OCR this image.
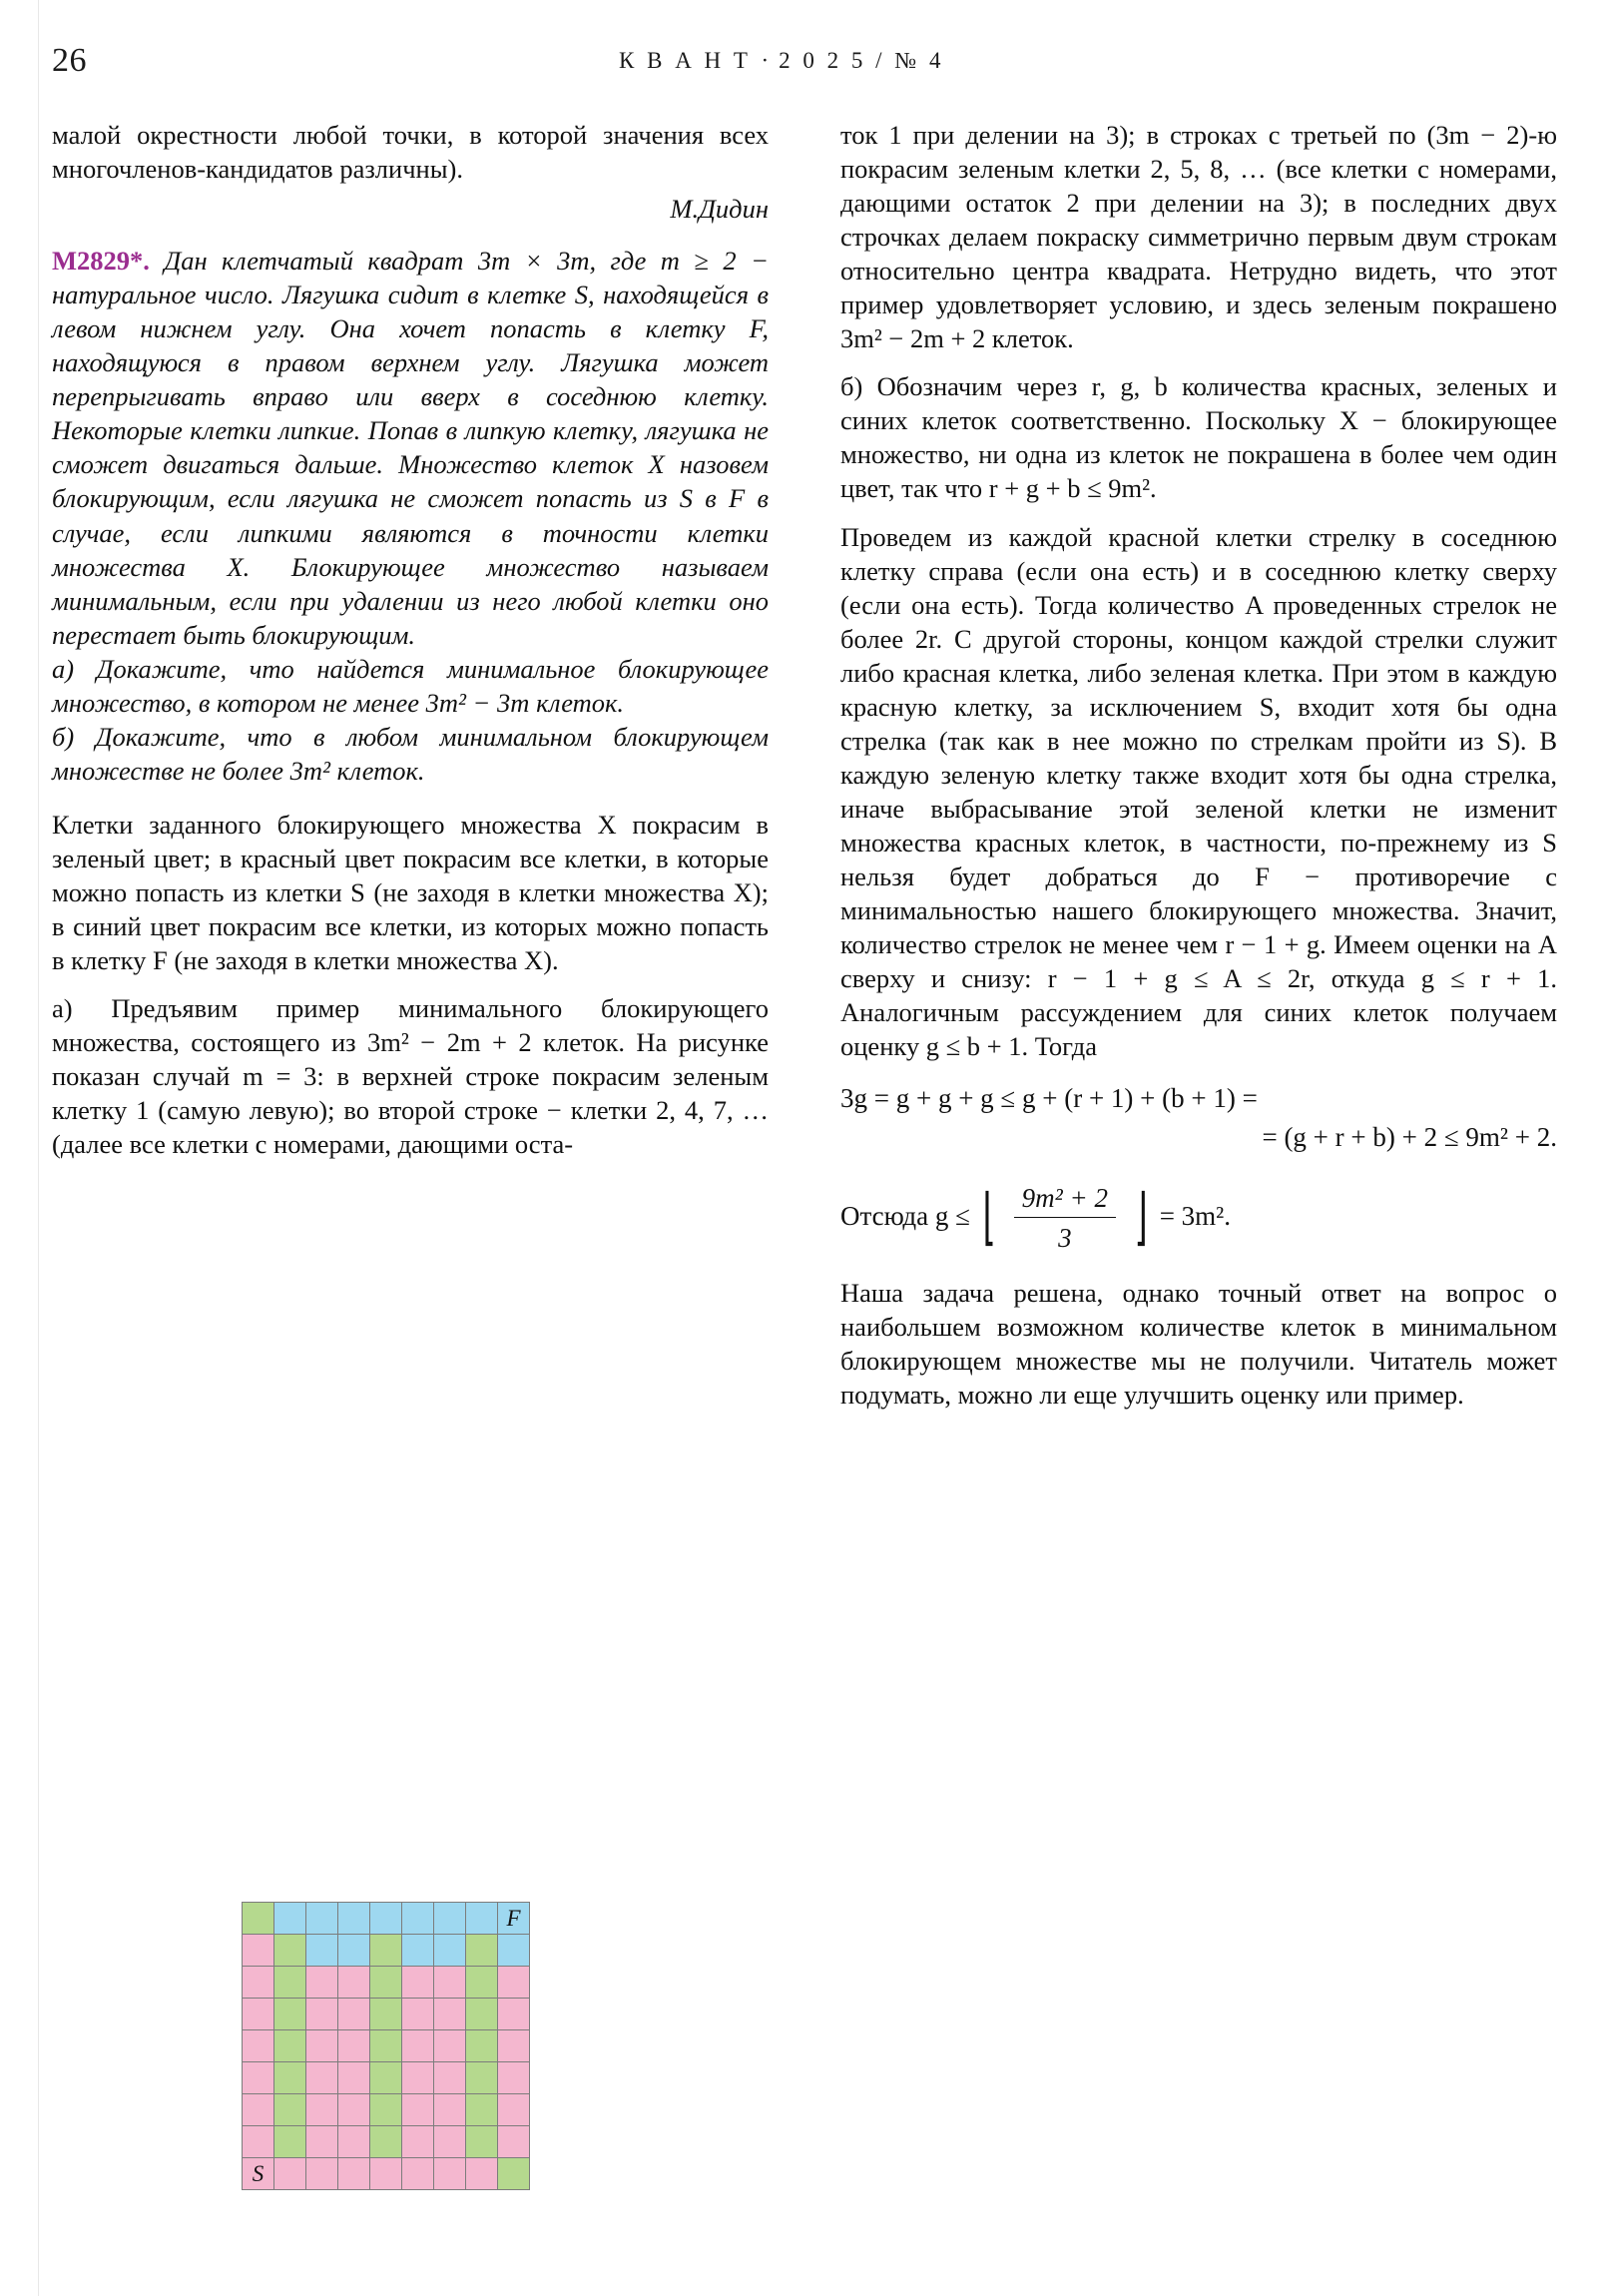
26	К В А Н Т · 2 0 2 5 / № 4

малой окрестности любой точки, в которой значения всех многочленов-кандидатов различны).

М.Дидин
M2829*. Дан клетчатый квадрат 3m × 3m, где m ≥ 2 − натуральное число. Лягушка сидит в клетке S, находящейся в левом нижнем углу. Она хочет попасть в клетку F, находящуюся в правом верхнем углу. Лягушка может перепрыгивать вправо или вверх в соседнюю клетку. Некоторые клетки липкие. Попав в липкую клетку, лягушка не сможет двигаться дальше. Множество клеток X назовем блокирующим, если лягушка не сможет попасть из S в F в случае, если липкими являются в точности клетки множества X. Блокирующее множество называем минимальным, если при удалении из него любой клетки оно перестает быть блокирующим.
а) Докажите, что найдется минимальное блокирующее множество, в котором не менее 3m² − 3m клеток.
б) Докажите, что в любом минимальном блокирующем множестве не более 3m² клеток.

Клетки заданного блокирующего множества X покрасим в зеленый цвет; в красный цвет покрасим все клетки, в которые можно попасть из клетки S (не заходя в клетки множества X); в синий цвет покрасим все клетки, из которых можно попасть в клетку F (не заходя в клетки множества X).

а) Предъявим пример минимального блокирующего множества, состоящего из 3m² − 2m + 2 клеток. На рисунке показан случай m = 3: в верхней строке покрасим зеленым клетку 1 (самую левую); во второй строке − клетки 2, 4, 7, … (далее все клетки с номерами, дающими оста-

ток 1 при делении на 3); в строках с третьей по (3m − 2)-ю покрасим зеленым клетки 2, 5, 8, … (все клетки с номерами, дающими остаток 2 при делении на 3); в последних двух строчках делаем покраску симметрично первым двум строкам относительно центра квадрата. Нетрудно видеть, что этот пример удовлетворяет условию, и здесь зеленым покрашено 3m² − 2m + 2 клеток.

б) Обозначим через r, g, b количества красных, зеленых и синих клеток соответственно. Поскольку X − блокирующее множество, ни одна из клеток не покрашена в более чем один цвет, так что r + g + b ≤ 9m².

Проведем из каждой красной клетки стрелку в соседнюю клетку справа (если она есть) и в соседнюю клетку сверху (если она есть). Тогда количество A проведенных стрелок не более 2r. С другой стороны, концом каждой стрелки служит либо красная клетка, либо зеленая клетка. При этом в каждую красную клетку, за исключением S, входит хотя бы одна стрелка (так как в нее можно по стрелкам пройти из S). В каждую зеленую клетку также входит хотя бы одна стрелка, иначе выбрасывание этой зеленой клетки не изменит множества красных клеток, в частности, по-прежнему из S нельзя будет добраться до F − противоречие с минимальностью нашего блокирующего множества. Значит, количество стрелок не менее чем r − 1 + g. Имеем оценки на A сверху и снизу: r − 1 + g ≤ A ≤ 2r, откуда g ≤ r + 1. Аналогичным рассуждением для синих клеток получаем оценку g ≤ b + 1. Тогда

3g = g + g + g ≤ g + (r + 1) + (b + 1) =
= (g + r + b) + 2 ≤ 9m² + 2.
Отсюда g ≤ ⌊ $\frac{\text{9m² + 2}}{3}$ ⌋ = 3m².

Наша задача решена, однако точный ответ на вопрос о наибольшем возможном количестве клеток в минимальном блокирующем множестве мы не получили. Читатель может подумать, можно ли еще улучшить оценку или пример.

								F

S								
